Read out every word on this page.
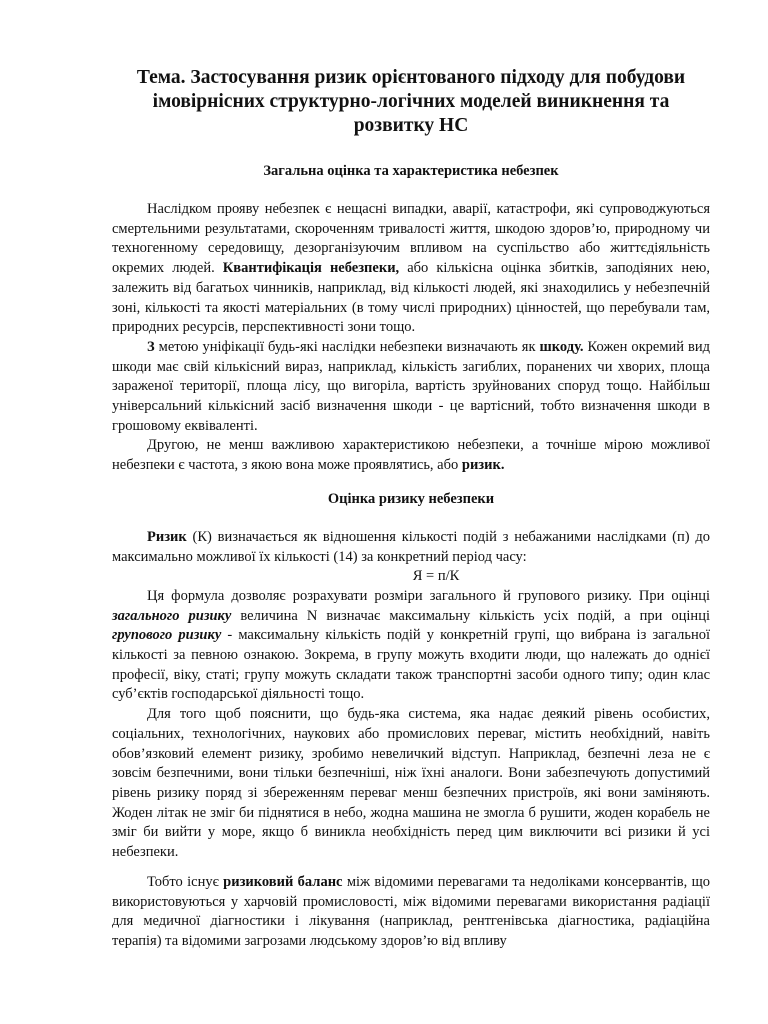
Тема. Застосування ризик орієнтованого підходу для побудови імовірнісних структурно-логічних моделей виникнення та розвитку НС
Загальна оцінка та характеристика небезпек

Наслідком прояву небезпек є нещасні випадки, аварії, катастрофи, які супроводжуються смертельними результатами, скороченням тривалості життя, шкодою здоров’ю, природному чи техногенному середовищу, дезорганізуючим впливом на суспільство або життєдіяльність окремих людей. Квантифікація небезпеки, або кількісна оцінка збитків, заподіяних нею, залежить від багатьох чинників, наприклад, від кількості людей, які знаходились у небезпечній зоні, кількості та якості матеріальних (в тому числі природних) цінностей, що перебували там, природних ресурсів, перспективності зони тощо.

З метою уніфікації будь-які наслідки небезпеки визначають як шкоду. Кожен окремий вид шкоди має свій кількісний вираз, наприклад, кількість загиблих, поранених чи хворих, площа зараженої території, площа лісу, що вигоріла, вартість зруйнованих споруд тощо. Найбільш універсальний кількісний засіб визначення шкоди - це вартісний, тобто визначення шкоди в грошовому еквіваленті.

Другою, не менш важливою характеристикою небезпеки, а точніше мірою можливої небезпеки є частота, з якою вона може проявлятись, або ризик.

Оцінка ризику небезпеки

Ризик (К) визначається як відношення кількості подій з небажаними наслідками (п) до максимально можливої їх кількості (14) за конкретний період часу:

Я = п/К

Ця формула дозволяє розрахувати розміри загального й групового ризику. При оцінці загального ризику величина N визначає максимальну кількість усіх подій, а при оцінці групового ризику - максимальну кількість подій у конкретній групі, що вибрана із загальної кількості за певною ознакою. Зокрема, в групу можуть входити люди, що належать до однієї професії, віку, статі; групу можуть складати також транспортні засоби одного типу; один клас суб’єктів господарської діяльності тощо.

Для того щоб пояснити, що будь-яка система, яка надає деякий рівень особистих, соціальних, технологічних, наукових або промислових переваг, містить необхідний, навіть обов’язковий елемент ризику, зробимо невеличкий відступ. Наприклад, безпечні леза не є зовсім безпечними, вони тільки безпечніші, ніж їхні аналоги. Вони забезпечують допустимий рівень ризику поряд зі збереженням переваг менш безпечних пристроїв, які вони заміняють. Жоден літак не зміг би піднятися в небо, жодна машина не змогла б рушити, жоден корабель не зміг би вийти у море, якщо б виникла необхідність перед цим виключити всі ризики й усі небезпеки.

Тобто існує ризиковий баланс між відомими перевагами та недоліками консервантів, що використовуються у харчовій промисловості, між відомими перевагами використання радіації для медичної діагностики і лікування (наприклад, рентгенівська діагностика, радіаційна терапія) та відомими загрозами людському здоров’ю від впливу
